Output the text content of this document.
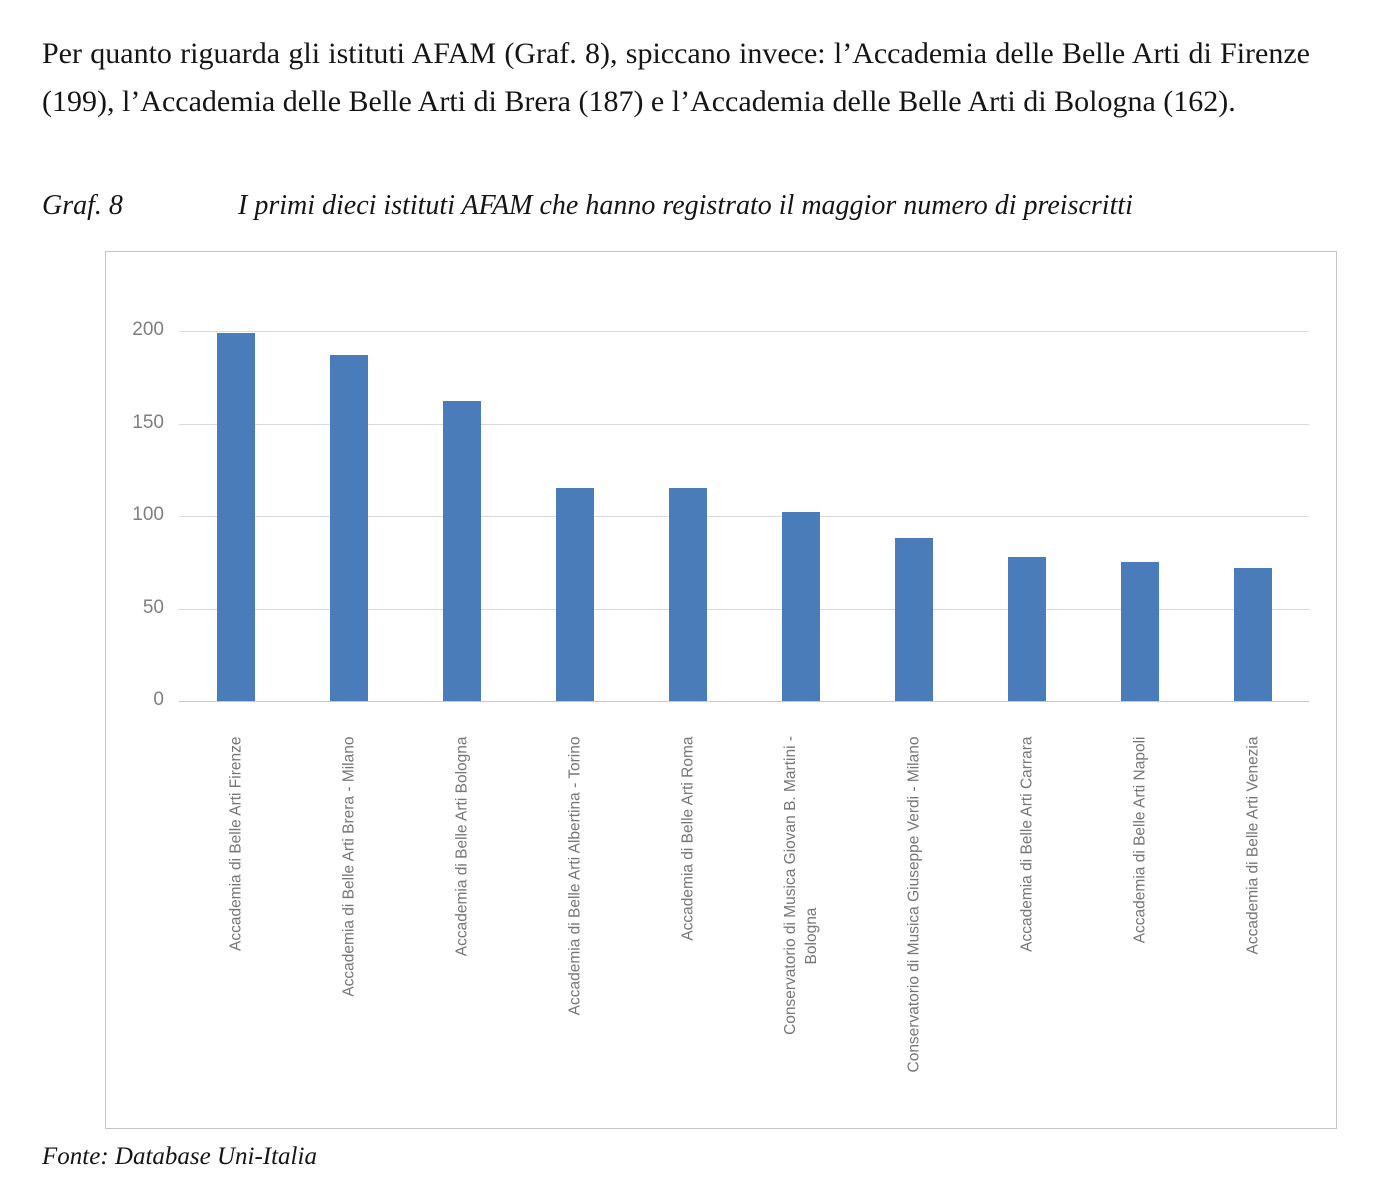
Per quanto riguarda gli istituti AFAM (Graf. 8), spiccano invece: l’Accademia delle Belle Arti di Firenze (199), l’Accademia delle Belle Arti di Brera (187) e l’Accademia delle Belle Arti di Bologna (162).

Graf. 8	I primi dieci istituti AFAM che hanno registrato il maggior numero di preiscritti
0
50
100
150
200
Accademia di Belle Arti Firenze	Accademia di Belle Arti Brera - Milano	Accademia di Belle Arti Bologna	Accademia di Belle Arti Albertina - Torino	Accademia di Belle Arti Roma	Conservatorio di Musica Giovan B. Martini - Bologna	Conservatorio di Musica Giuseppe Verdi - Milano	Accademia di Belle Arti Carrara	Accademia di Belle Arti Napoli	Accademia di Belle Arti Venezia
Fonte: Database Uni-Italia
